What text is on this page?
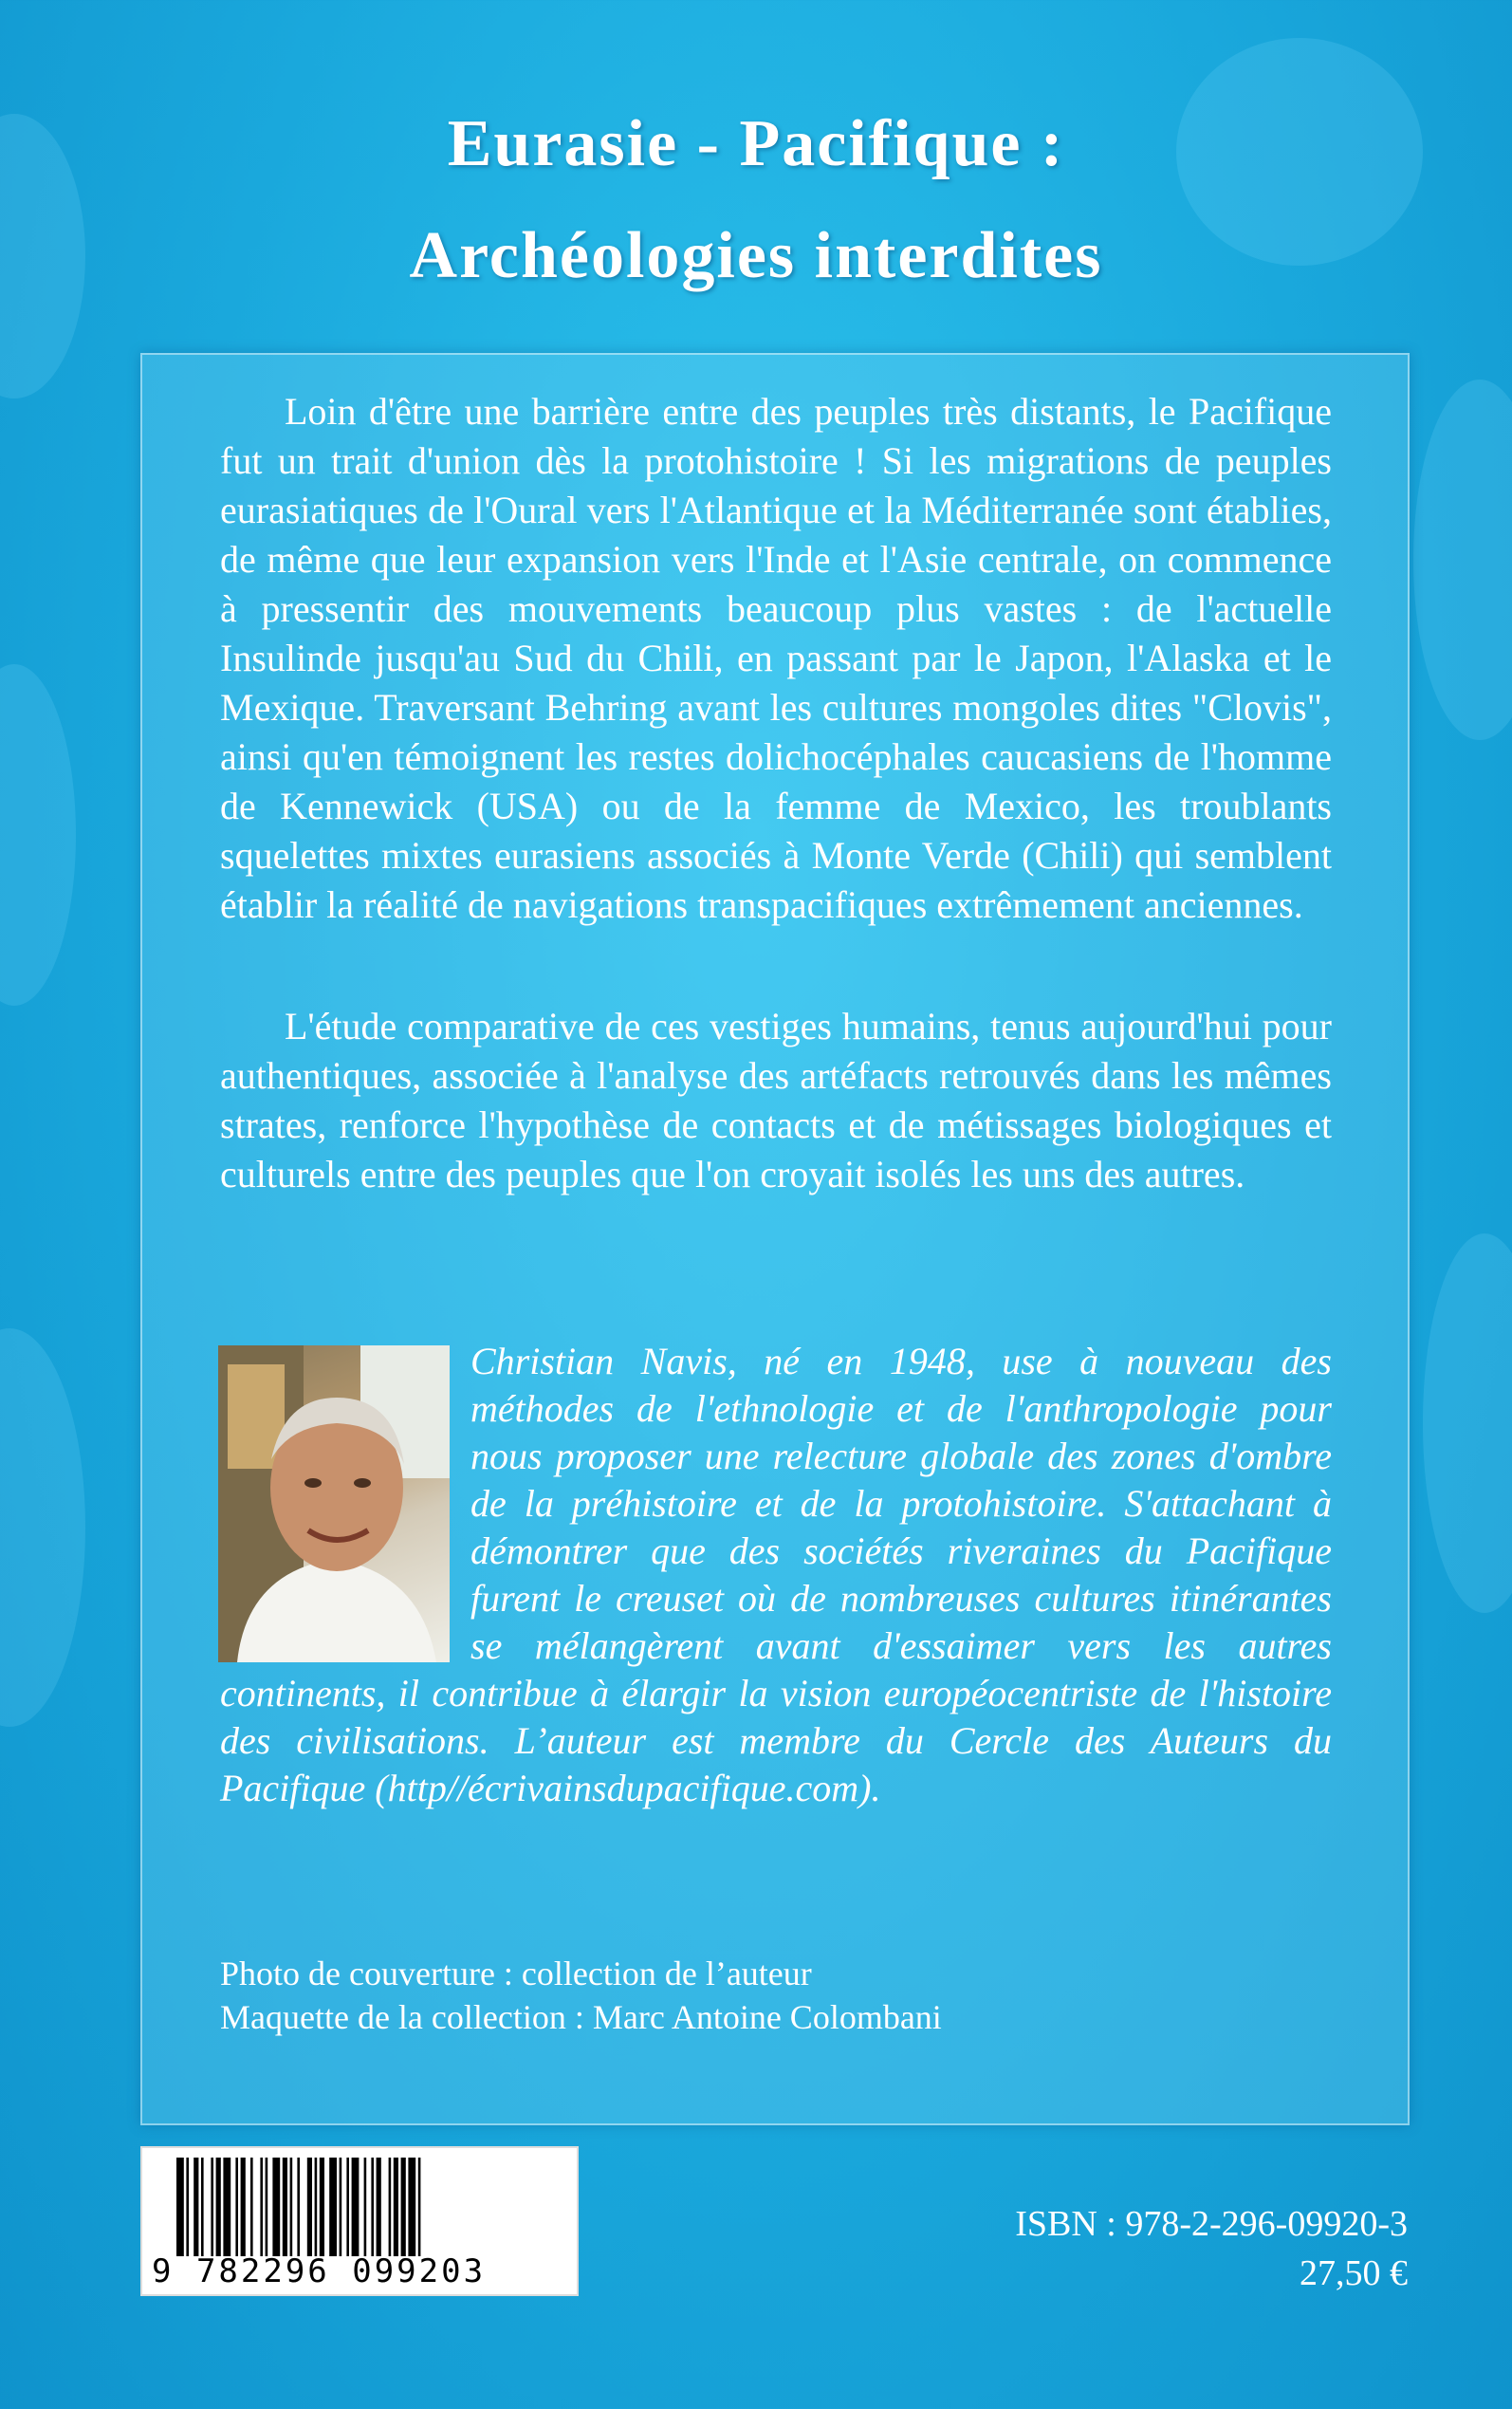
Eurasie - Pacifique :
Archéologies interdites

Loin d'être une barrière entre des peuples très distants, le Pacifique fut un trait d'union dès la protohistoire ! Si les migrations de peuples eurasiatiques de l'Oural vers l'Atlantique et la Méditerranée sont établies, de même que leur expansion vers l'Inde et l'Asie centrale, on commence à pressentir des mouvements beaucoup plus vastes : de l'actuelle Insulinde jusqu'au Sud du Chili, en passant par le Japon, l'Alaska et le Mexique. Traversant Behring avant les cultures mongoles dites "Clovis", ainsi qu'en témoignent les restes dolichocéphales caucasiens de l'homme de Kennewick (USA) ou de la femme de Mexico, les troublants squelettes mixtes eurasiens associés à Monte Verde (Chili) qui semblent établir la réalité de navigations transpacifiques extrêmement anciennes.

L'étude comparative de ces vestiges humains, tenus aujourd'hui pour authentiques, associée à l'analyse des artéfacts retrouvés dans les mêmes strates, renforce l'hypothèse de contacts et de métissages biologiques et culturels entre des peuples que l'on croyait isolés les uns des autres.

Christian Navis, né en 1948, use à nouveau des méthodes de l'ethnologie et de l'anthropologie pour nous proposer une relecture globale des zones d'ombre de la préhistoire et de la protohistoire. S'attachant à démontrer que des sociétés riveraines du Pacifique furent le creuset où de nombreuses cultures itinérantes se mélangèrent avant d'essaimer vers les autres continents, il contribue à élargir la vision européocentriste de l'histoire des civilisations. L’auteur est membre du Cercle des Auteurs du Pacifique (http//écrivainsdupacifique.com).

Photo de couverture : collection de l’auteur

Maquette de la collection : Marc Antoine Colombani

9 782296 099203

ISBN : 978-2-296-09920-3

27,50 €
